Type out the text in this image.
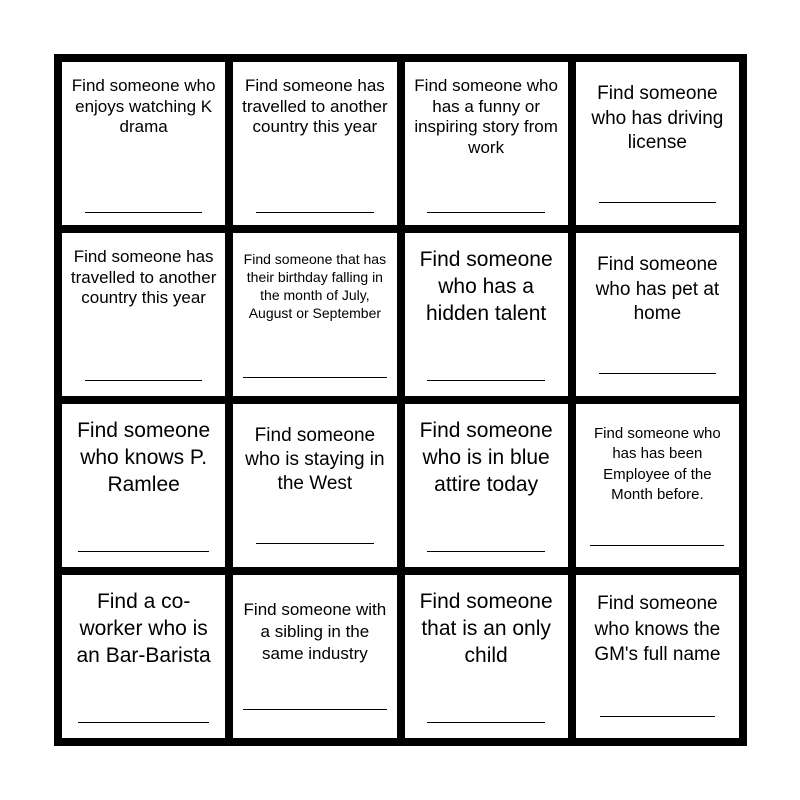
Find someone who enjoys watching K drama
Find someone has travelled to another country this year
Find someone who has a funny or inspiring story from work
Find someone who has driving license
Find someone has travelled to another country this year
Find someone that has their birthday falling in the month of July, August or September
Find someone who has a hidden talent
Find someone who has pet at home
Find someone who knows P. Ramlee
Find someone who is staying in the West
Find someone who is in blue attire today
Find someone who has has been Employee of the Month before.
Find a co-worker who is an Bar-Barista
Find someone with a sibling in the same industry
Find someone that is an only child
Find someone who knows the GM's full name
